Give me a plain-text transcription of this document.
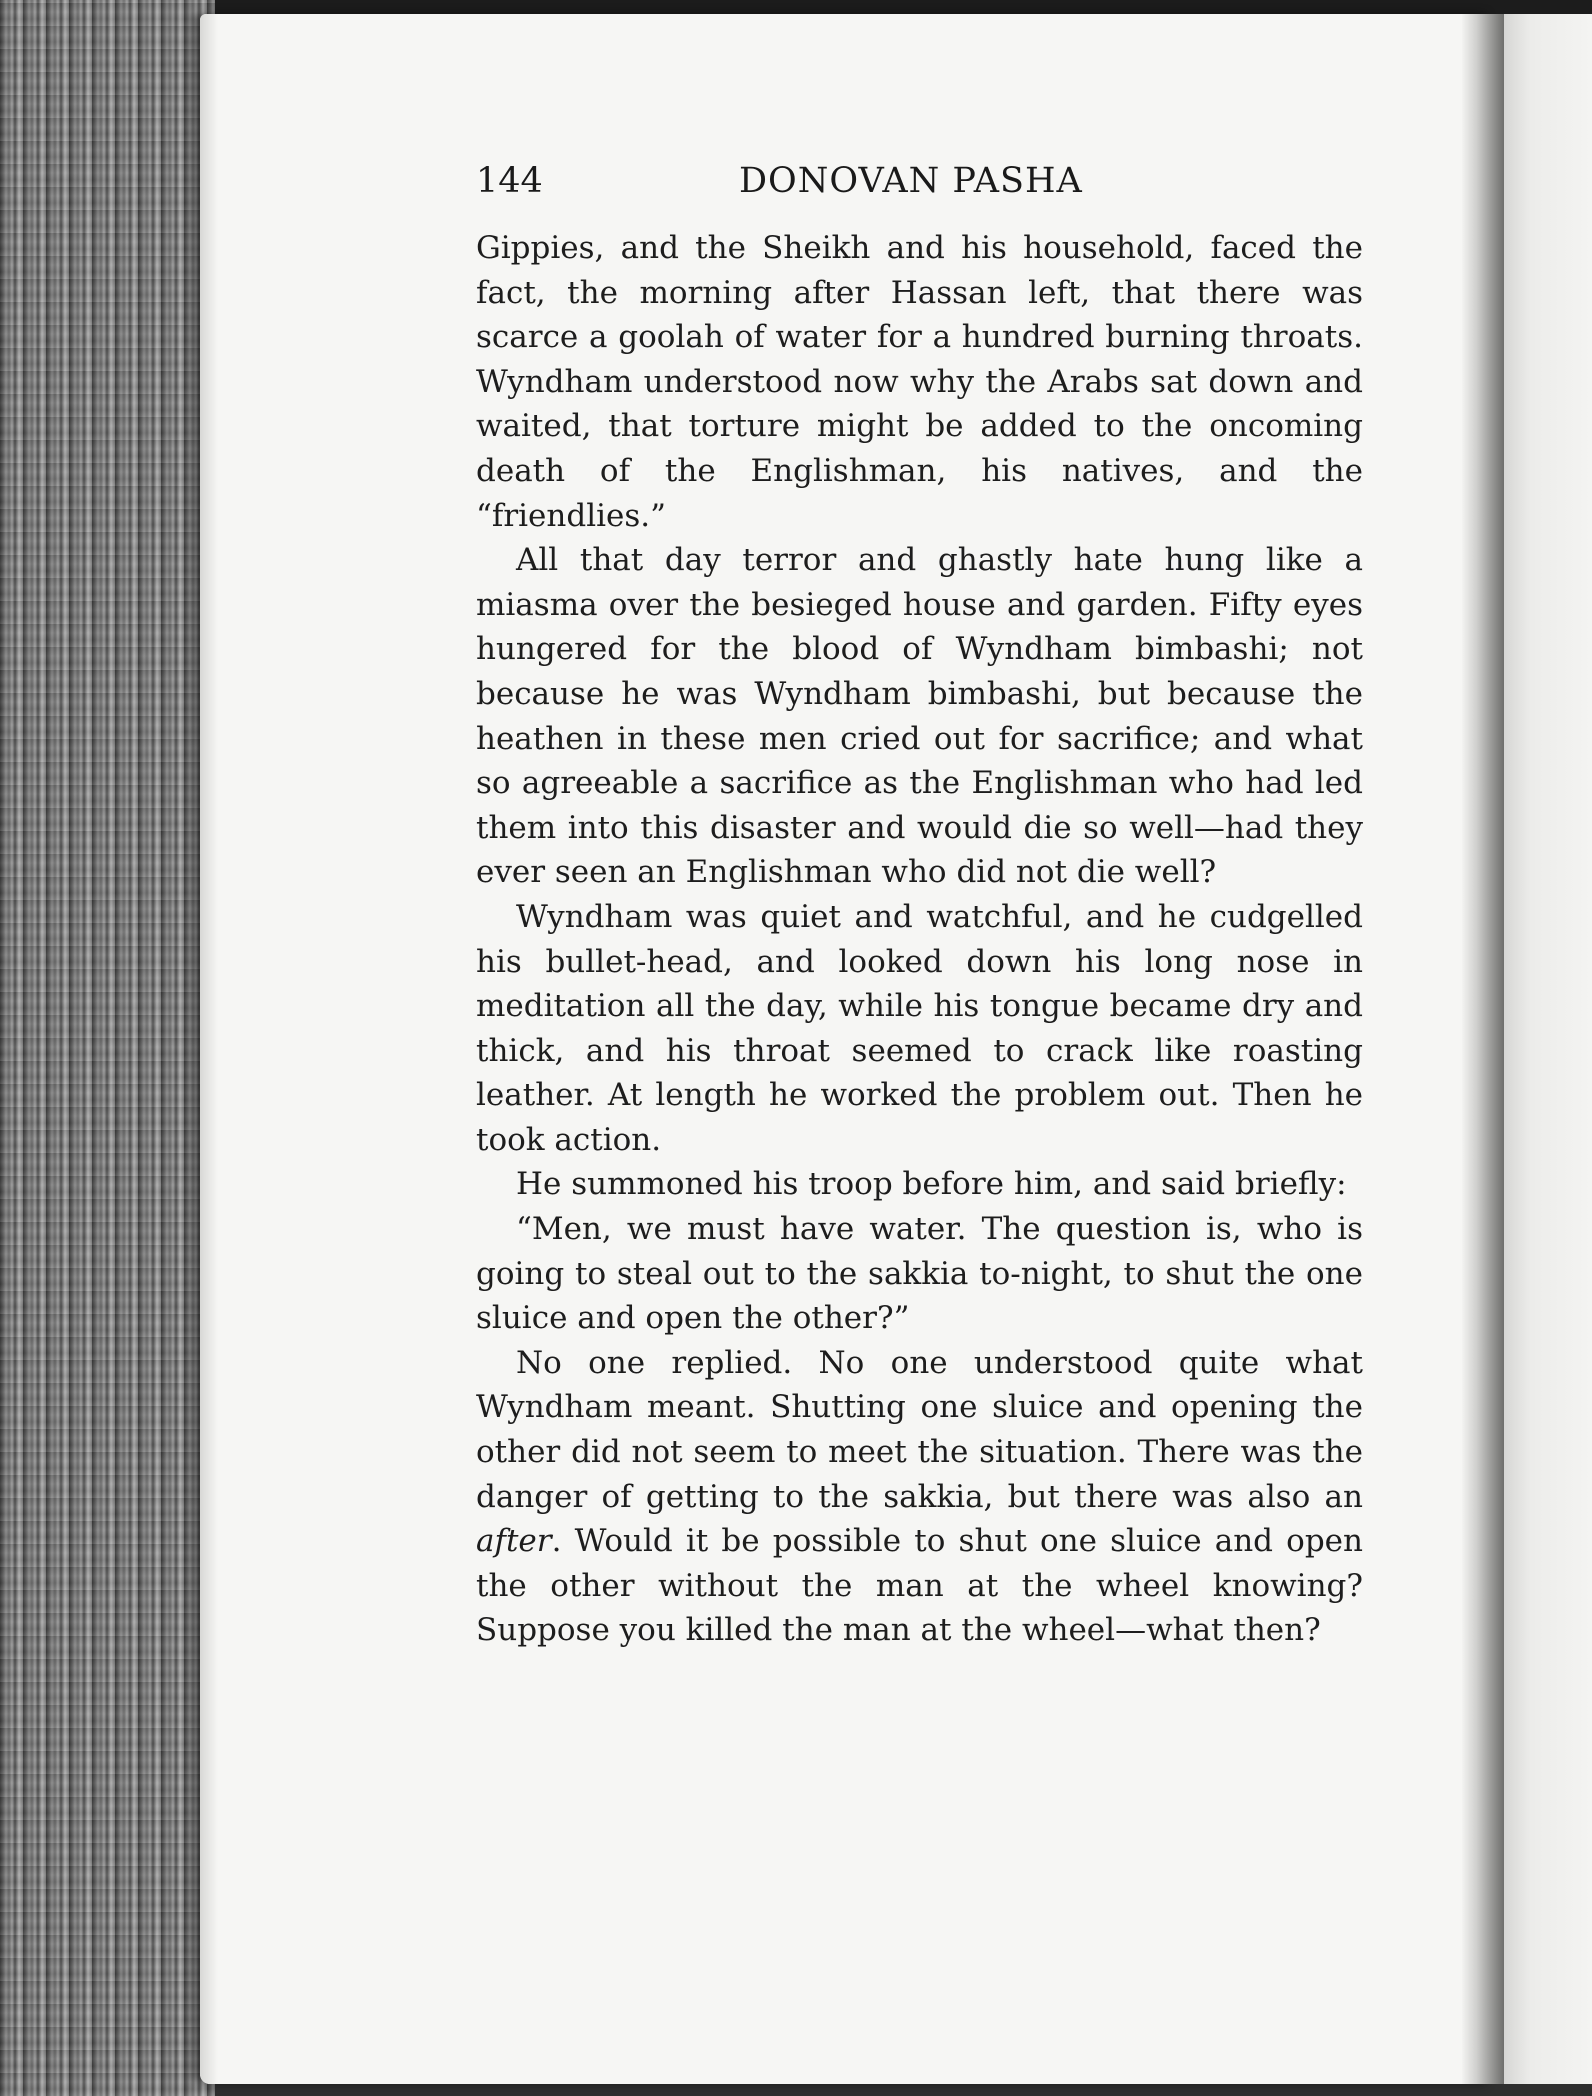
144	DONOVAN PASHA

Gippies, and the Sheikh and his household, faced the fact, the morning after Hassan left, that there was scarce a goolah of water for a hundred burning throats. Wyndham understood now why the Arabs sat down and waited, that torture might be added to the oncoming death of the Englishman, his natives, and the “friendlies.”

All that day terror and ghastly hate hung like a miasma over the besieged house and garden. Fifty eyes hungered for the blood of Wyndham bimbashi; not because he was Wyndham bimbashi, but because the heathen in these men cried out for sacrifice; and what so agreeable a sacrifice as the Englishman who had led them into this disaster and would die so well—had they ever seen an Englishman who did not die well?

Wyndham was quiet and watchful, and he cudgelled his bullet-head, and looked down his long nose in meditation all the day, while his tongue became dry and thick, and his throat seemed to crack like roasting leather. At length he worked the problem out. Then he took action.

He summoned his troop before him, and said briefly:

“Men, we must have water. The question is, who is going to steal out to the sakkia to-night, to shut the one sluice and open the other?”

No one replied. No one understood quite what Wyndham meant. Shutting one sluice and opening the other did not seem to meet the situation. There was the danger of getting to the sakkia, but there was also an after. Would it be possible to shut one sluice and open the other without the man at the wheel knowing? Suppose you killed the man at the wheel—what then?
